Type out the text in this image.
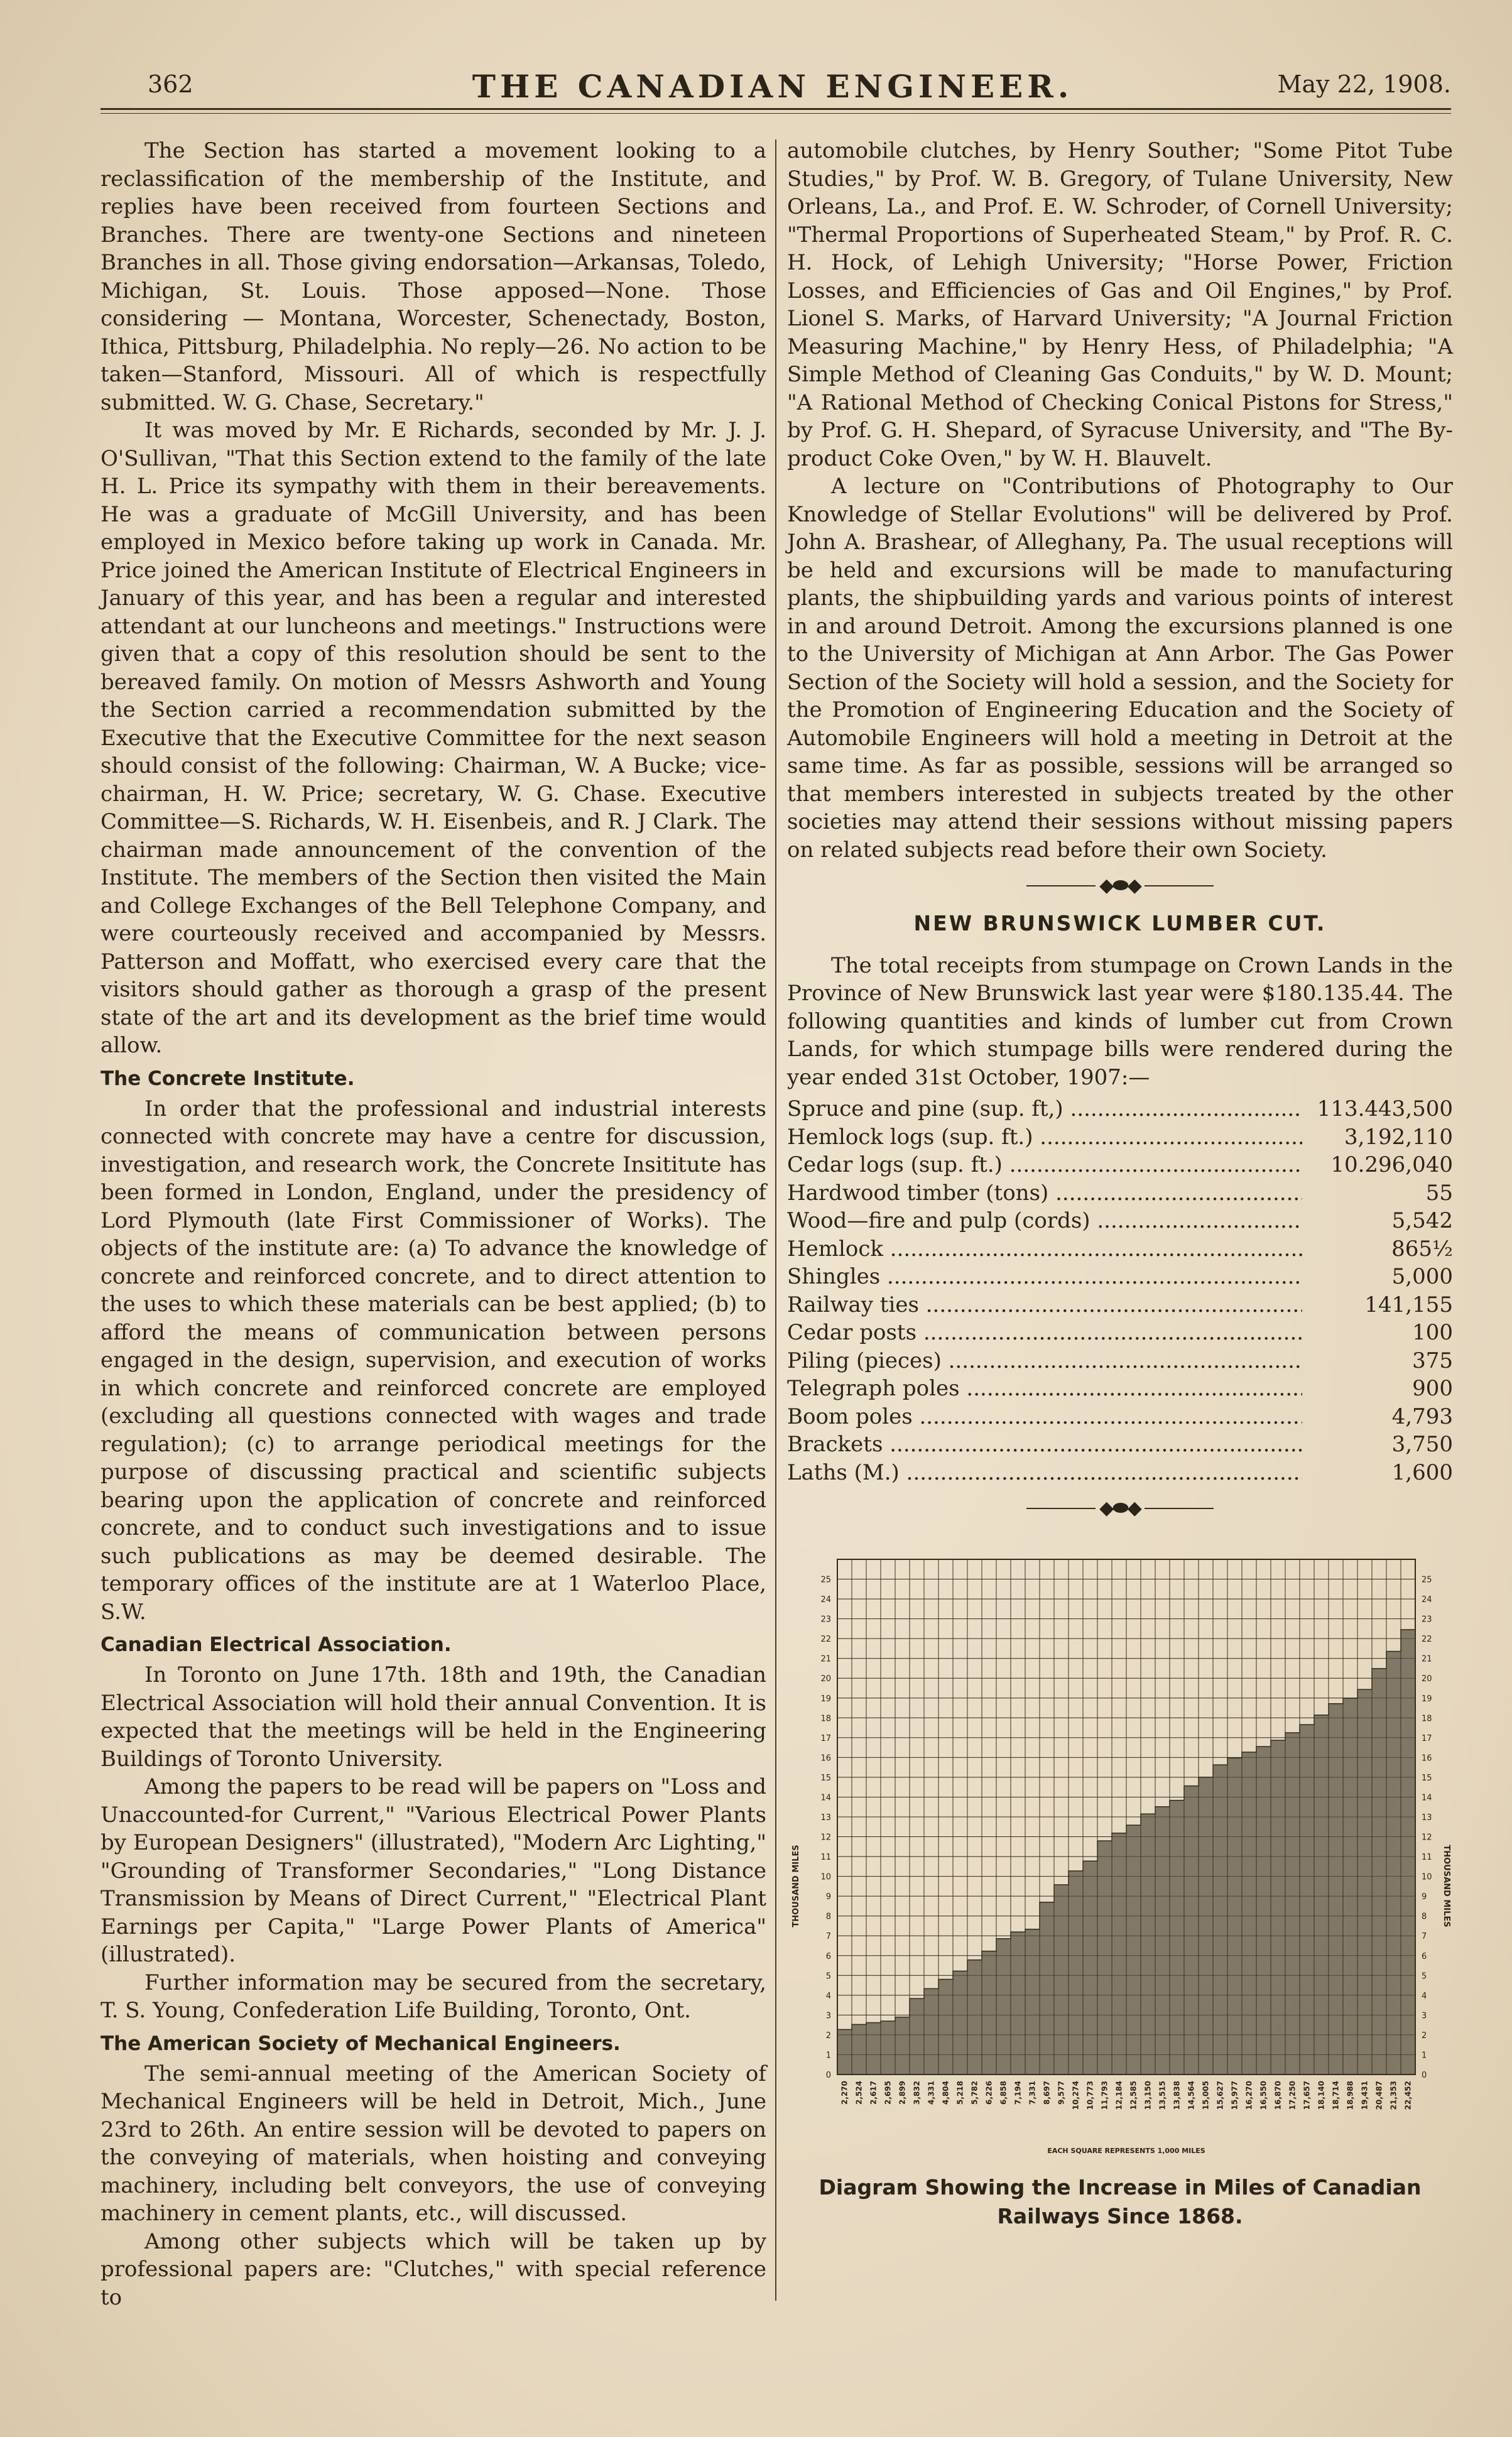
362	THE CANADIAN ENGINEER.	May 22, 1908.

The Section has started a movement looking to a reclassification of the membership of the Institute, and replies have been received from fourteen Sections and Branches. There are twenty-one Sections and nineteen Branches in all. Those giving endorsation—Arkansas, Toledo, Michigan, St. Louis. Those apposed—None. Those considering — Montana, Worcester, Schenectady, Boston, Ithica, Pittsburg, Philadelphia. No reply—26. No action to be taken—Stanford, Missouri. All of which is respectfully submitted. W. G. Chase, Secretary."

It was moved by Mr. E Richards, seconded by Mr. J. J. O'Sullivan, "That this Section extend to the family of the late H. L. Price its sympathy with them in their bereavements. He was a graduate of McGill University, and has been employed in Mexico before taking up work in Canada. Mr. Price joined the American Institute of Electrical Engineers in January of this year, and has been a regular and interested attendant at our luncheons and meetings." Instructions were given that a copy of this resolution should be sent to the bereaved family. On motion of Messrs Ashworth and Young the Section carried a recommendation submitted by the Executive that the Executive Committee for the next season should consist of the following: Chairman, W. A Bucke; vice-chairman, H. W. Price; secretary, W. G. Chase. Executive Committee—S. Richards, W. H. Eisenbeis, and R. J Clark. The chairman made announcement of the convention of the Institute. The members of the Section then visited the Main and College Exchanges of the Bell Telephone Company, and were courteously received and accompanied by Messrs. Patterson and Moffatt, who exercised every care that the visitors should gather as thorough a grasp of the present state of the art and its development as the brief time would allow.

The Concrete Institute.

In order that the professional and industrial interests connected with concrete may have a centre for discussion, investigation, and research work, the Concrete Insititute has been formed in London, England, under the presidency of Lord Plymouth (late First Commissioner of Works). The objects of the institute are: (a) To advance the knowledge of concrete and reinforced concrete, and to direct attention to the uses to which these materials can be best applied; (b) to afford the means of communication between persons engaged in the design, supervision, and execution of works in which concrete and reinforced concrete are employed (excluding all questions connected with wages and trade regulation); (c) to arrange periodical meetings for the purpose of discussing practical and scientific subjects bearing upon the application of concrete and reinforced concrete, and to conduct such investigations and to issue such publications as may be deemed desirable. The temporary offices of the institute are at 1 Waterloo Place, S.W.

Canadian Electrical Association.

In Toronto on June 17th. 18th and 19th, the Canadian Electrical Association will hold their annual Convention. It is expected that the meetings will be held in the Engineering Buildings of Toronto University.

Among the papers to be read will be papers on "Loss and Unaccounted-for Current," "Various Electrical Power Plants by European Designers" (illustrated), "Modern Arc Lighting," "Grounding of Transformer Secondaries," "Long Distance Transmission by Means of Direct Current," "Electrical Plant Earnings per Capita," "Large Power Plants of America" (illustrated).

Further information may be secured from the secretary, T. S. Young, Confederation Life Building, Toronto, Ont.

The American Society of Mechanical Engineers.

The semi-annual meeting of the American Society of Mechanical Engineers will be held in Detroit, Mich., June 23rd to 26th. An entire session will be devoted to papers on the conveying of materials, when hoisting and conveying machinery, including belt conveyors, the use of conveying machinery in cement plants, etc., will discussed.

Among other subjects which will be taken up by professional papers are: "Clutches," with special reference to

automobile clutches, by Henry Souther; "Some Pitot Tube Studies," by Prof. W. B. Gregory, of Tulane University, New Orleans, La., and Prof. E. W. Schroder, of Cornell University; "Thermal Proportions of Superheated Steam," by Prof. R. C. H. Hock, of Lehigh University; "Horse Power, Friction Losses, and Efficiencies of Gas and Oil Engines," by Prof. Lionel S. Marks, of Harvard University; "A Journal Friction Measuring Machine," by Henry Hess, of Philadelphia; "A Simple Method of Cleaning Gas Conduits," by W. D. Mount; "A Rational Method of Checking Conical Pistons for Stress," by Prof. G. H. Shepard, of Syracuse University, and "The By-product Coke Oven," by W. H. Blauvelt.

A lecture on "Contributions of Photography to Our Knowledge of Stellar Evolutions" will be delivered by Prof. John A. Brashear, of Alleghany, Pa. The usual receptions will be held and excursions will be made to manufacturing plants, the shipbuilding yards and various points of interest in and around Detroit. Among the excursions planned is one to the University of Michigan at Ann Arbor. The Gas Power Section of the Society will hold a session, and the Society for the Promotion of Engineering Education and the Society of Automobile Engineers will hold a meeting in Detroit at the same time. As far as possible, sessions will be arranged so that members interested in subjects treated by the other societies may attend their sessions without missing papers on related subjects read before their own Society.

◆⬬◆
NEW BRUNSWICK LUMBER CUT.

The total receipts from stumpage on Crown Lands in the Province of New Brunswick last year were $180.135.44. The following quantities and kinds of lumber cut from Crown Lands, for which stumpage bills were rendered during the year ended 31st October, 1907:—

Spruce and pine (sup. ft,) .....	113.443,500
Hemlock logs (sup. ft.) .....	3,192,110
Cedar logs (sup. ft.) .....	10.296,040
Hardwood timber (tons) .....	55
Wood—fire and pulp (cords) .....	5,542
Hemlock .....	865½
Shingles .....	5,000
Railway ties .....	141,155
Cedar posts .....	100
Piling (pieces) .....	375
Telegraph poles .....	900
Boom poles .....	4,793
Brackets .....	3,750
Laths (M.) .....	1,600
◆⬬◆
0	0
1	1
2	2
3	3
4	4
5	5
6	6
7	7
8	8
9	9
10	10
11	11
12	12
13	13
14	14
15	15
16	16
17	17
18	18
19	19
20	20
21	21
22	22
23	23
24	24
25	25
2,270 2,524 2,617 2,695 2,899 3,832 4,331 4,804 5,218 5,782 6,226 6,858 7,194 7,331 8,697 9,577 10,274 10,773 11,793 12,184 12,585 13,150 13,515 13,838 14,564 15,005 15,627 15,977 16,270 16,550 16,870 17,250 17,657 18,140 18,714 18,988 19,431 20,487 21,353 22,452
THOUSAND MILES	THOUSAND MILES
EACH SQUARE REPRESENTS 1,000 MILES
Diagram Showing the Increase in Miles of Canadian
Railways Since 1868.
